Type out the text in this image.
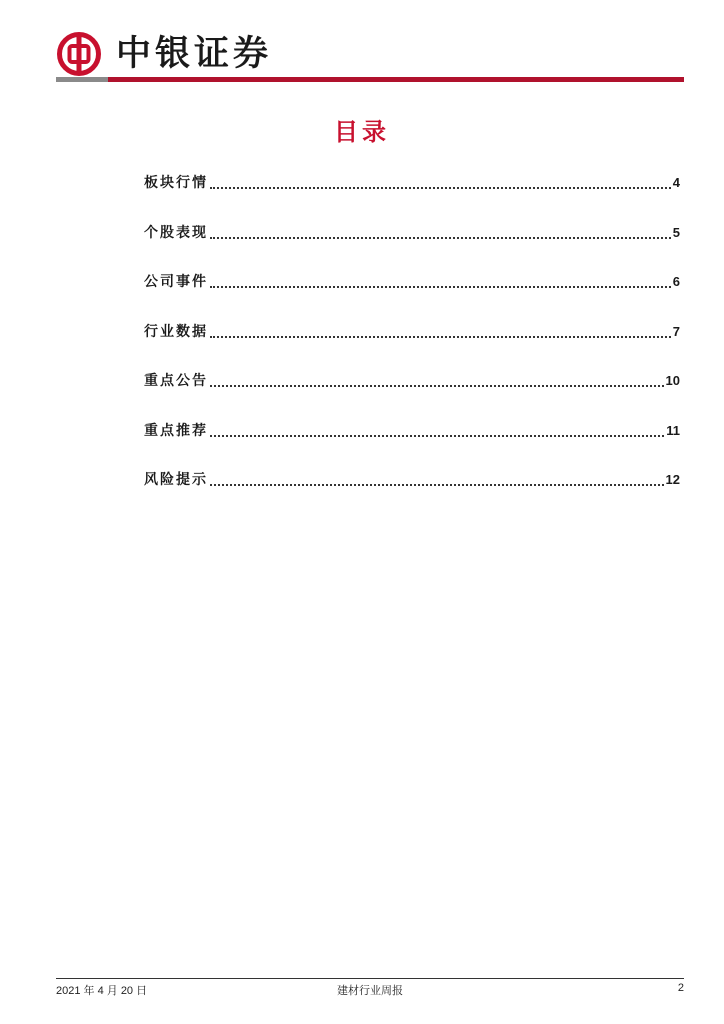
中银证券
目录
板块行情	4
个股表现	5
公司事件	6
行业数据	7
重点公告	10
重点推荐	11
风险提示	12
2021 年 4 月 20 日	建材行业周报	2
